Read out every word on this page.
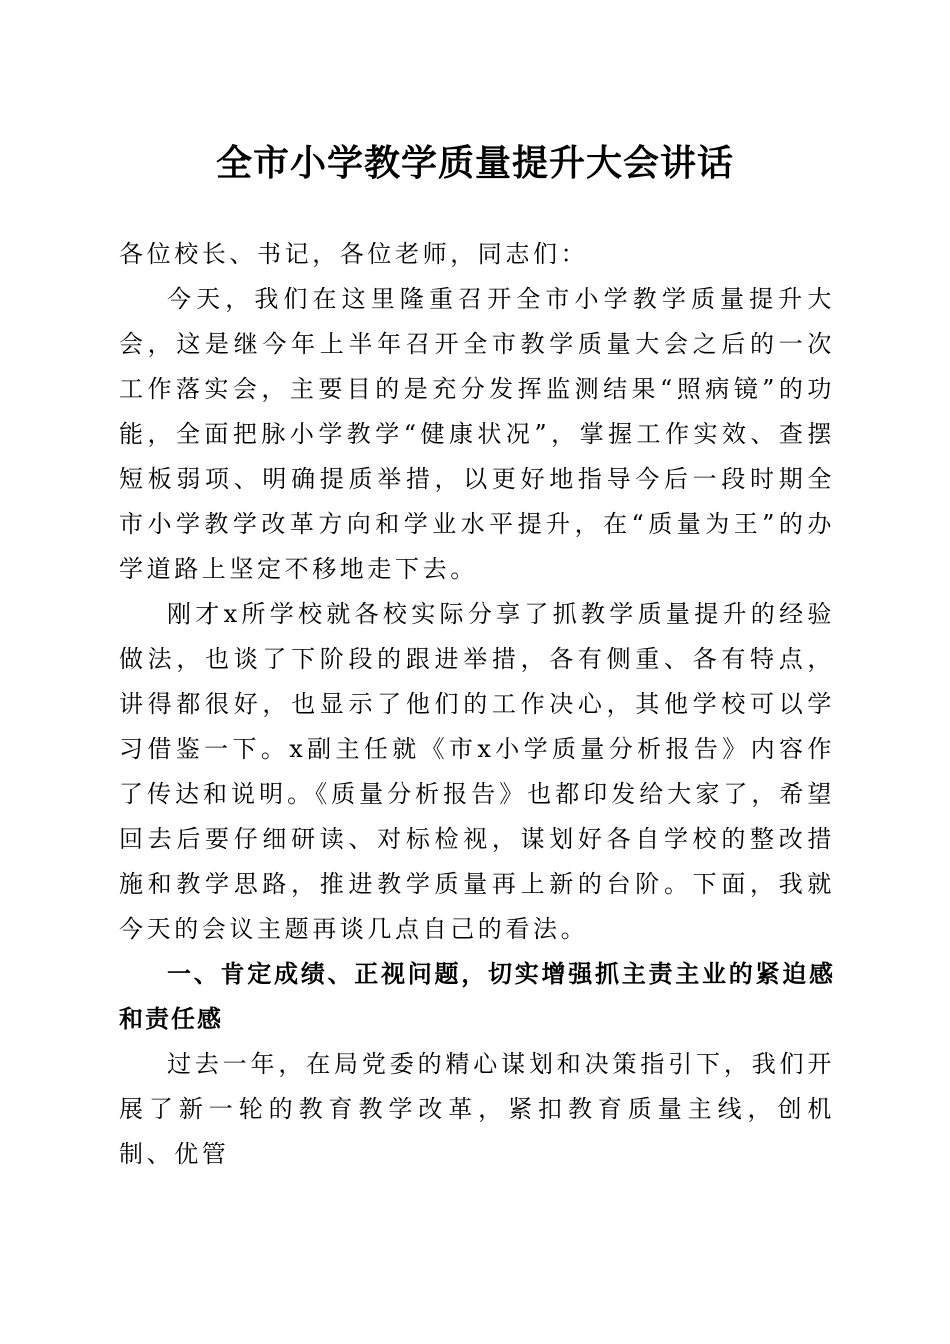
全市小学教学质量提升大会讲话

各位校长、书记，各位老师，同志们：

今天，我们在这里隆重召开全市小学教学质量提升大会，这是继今年上半年召开全市教学质量大会之后的一次工作落实会，主要目的是充分发挥监测结果“照病镜”的功能，全面把脉小学教学“健康状况”，掌握工作实效、查摆短板弱项、明确提质举措，以更好地指导今后一段时期全市小学教学改革方向和学业水平提升，在“质量为王”的办学道路上坚定不移地走下去。

刚才x所学校就各校实际分享了抓教学质量提升的经验做法，也谈了下阶段的跟进举措，各有侧重、各有特点，讲得都很好，也显示了他们的工作决心，其他学校可以学习借鉴一下。x副主任就《市x小学质量分析报告》内容作了传达和说明。《质量分析报告》也都印发给大家了，希望回去后要仔细研读、对标检视，谋划好各自学校的整改措施和教学思路，推进教学质量再上新的台阶。下面，我就今天的会议主题再谈几点自己的看法。

一、肯定成绩、正视问题，切实增强抓主责主业的紧迫感和责任感

过去一年，在局党委的精心谋划和决策指引下，我们开展了新一轮的教育教学改革，紧扣教育质量主线，创机制、优管
